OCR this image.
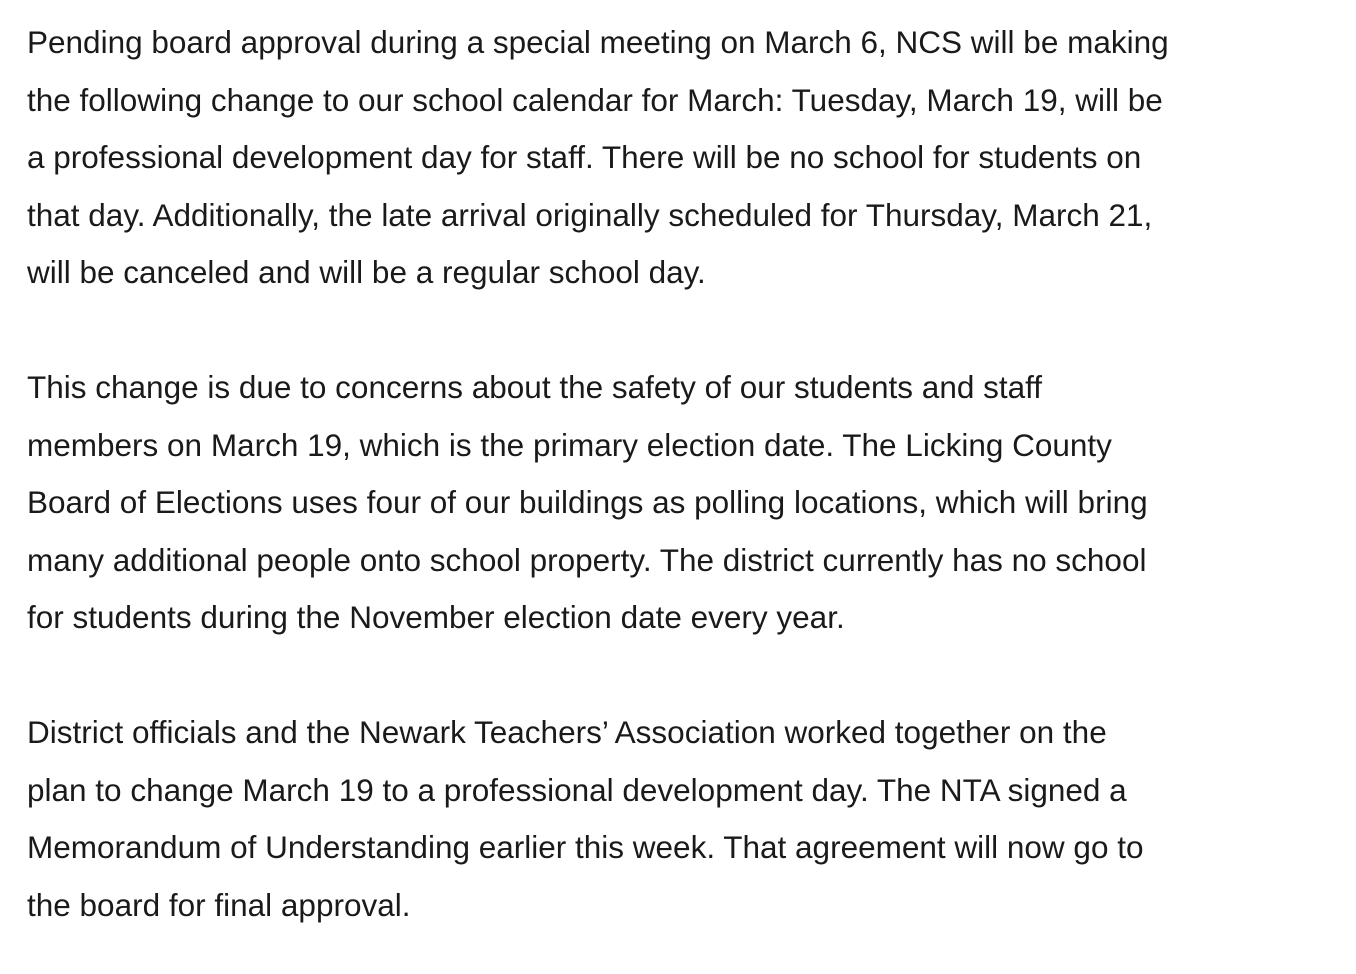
Pending board approval during a special meeting on March 6, NCS will be making
the following change to our school calendar for March: Tuesday, March 19, will be
a professional development day for staff. There will be no school for students on
that day. Additionally, the late arrival originally scheduled for Thursday, March 21,
will be canceled and will be a regular school day.

This change is due to concerns about the safety of our students and staff
members on March 19, which is the primary election date. The Licking County
Board of Elections uses four of our buildings as polling locations, which will bring
many additional people onto school property. The district currently has no school
for students during the November election date every year.

District officials and the Newark Teachers’ Association worked together on the
plan to change March 19 to a professional development day. The NTA signed a
Memorandum of Understanding earlier this week. That agreement will now go to
the board for final approval.
